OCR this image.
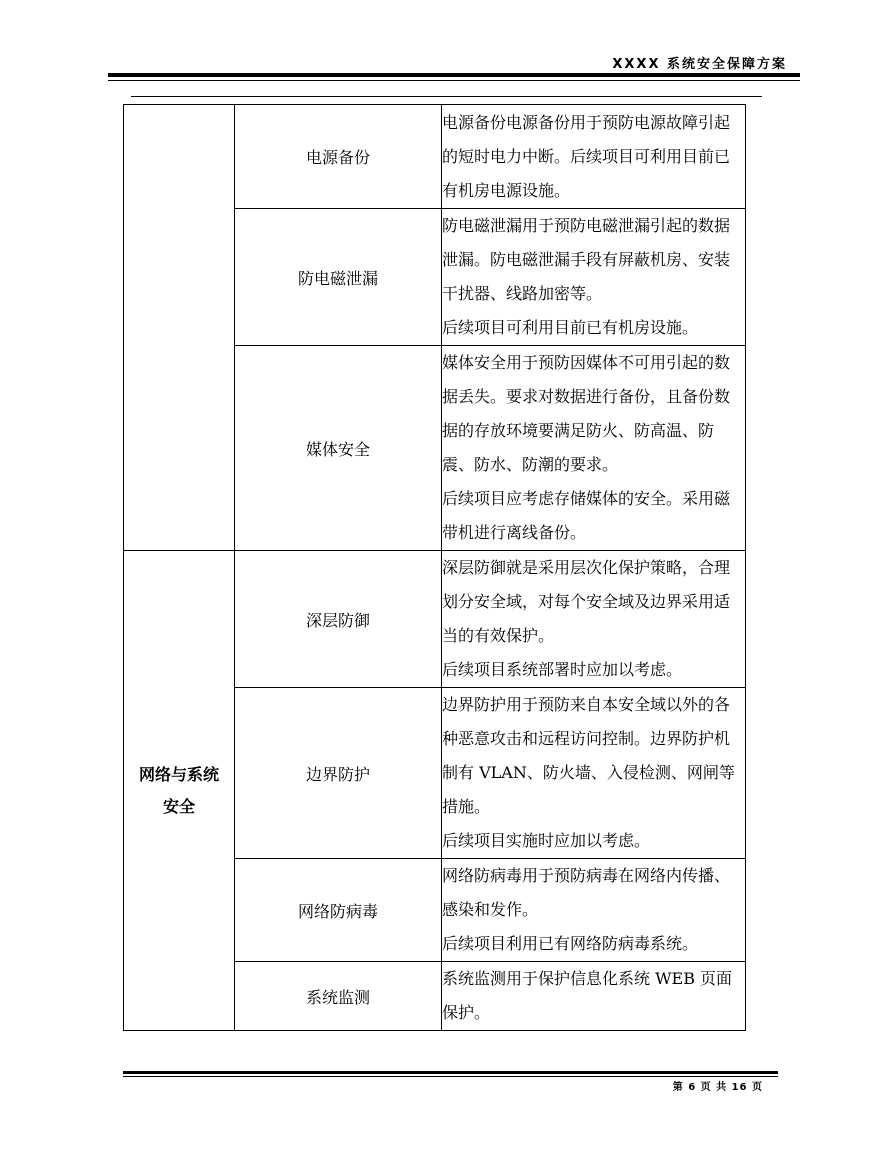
XXXX 系统安全保障方案
	电源备份	电源备份电源备份用于预防电源故障引起的短时电力中断。后续项目可利用目前已有机房电源设施。

	防电磁泄漏	防电磁泄漏用于预防电磁泄漏引起的数据泄漏。防电磁泄漏手段有屏蔽机房、安装干扰器、线路加密等。
后续项目可利用目前已有机房设施。

	媒体安全	媒体安全用于预防因媒体不可用引起的数据丢失。要求对数据进行备份，且备份数据的存放环境要满足防火、防高温、防震、防水、防潮的要求。
后续项目应考虑存储媒体的安全。采用磁带机进行离线备份。

网络与系统安全	深层防御	深层防御就是采用层次化保护策略，合理划分安全域，对每个安全域及边界采用适当的有效保护。
后续项目系统部署时应加以考虑。

	边界防护	边界防护用于预防来自本安全域以外的各种恶意攻击和远程访问控制。边界防护机制有 VLAN、防火墙、入侵检测、网闸等措施。
后续项目实施时应加以考虑。

	网络防病毒	网络防病毒用于预防病毒在网络内传播、感染和发作。
后续项目利用已有网络防病毒系统。

	系统监测	系统监测用于保护信息化系统 WEB 页面保护。
第 6 页 共 16 页
